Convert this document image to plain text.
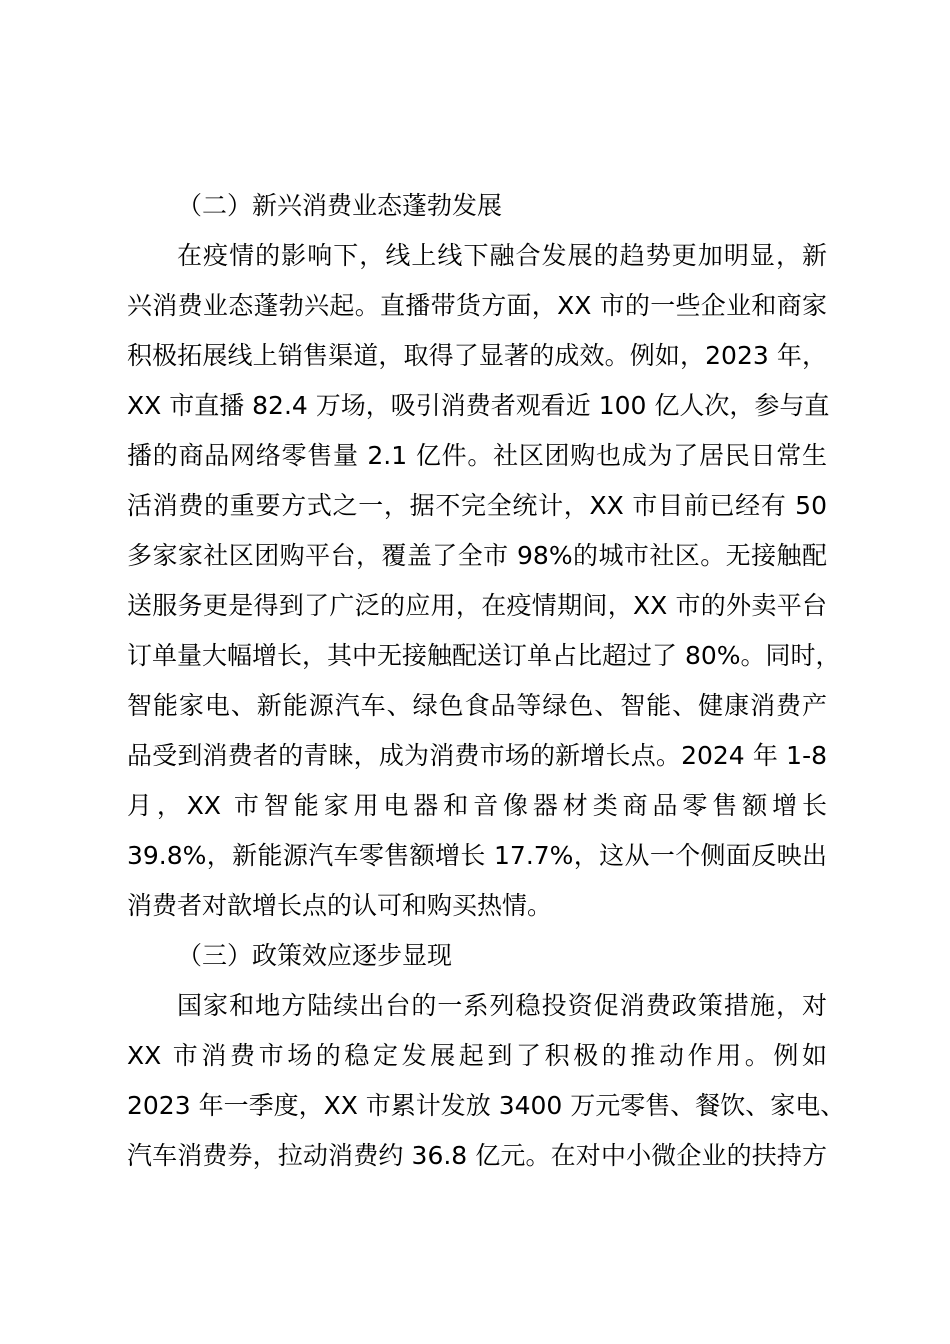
（二）新兴消费业态蓬勃发展
在疫情的影响下，线上线下融合发展的趋势更加明显，新
兴消费业态蓬勃兴起。直播带货方面，XX 市的一些企业和商家
积极拓展线上销售渠道，取得了显著的成效。例如，2023 年，
XX 市直播 82.4 万场，吸引消费者观看近 100 亿人次，参与直
播的商品网络零售量 2.1 亿件。社区团购也成为了居民日常生
活消费的重要方式之一，据不完全统计，XX 市目前已经有 50
多家家社区团购平台，覆盖了全市 98%的城市社区。无接触配
送服务更是得到了广泛的应用，在疫情期间，XX 市的外卖平台
订单量大幅增长，其中无接触配送订单占比超过了 80%。同时，
智能家电、新能源汽车、绿色食品等绿色、智能、健康消费产
品受到消费者的青睐，成为消费市场的新增长点。2024 年 1-8
月，XX 市智能家用电器和音像器材类商品零售额增长
39.8%，新能源汽车零售额增长 17.7%，这从一个侧面反映出
消费者对歆增长点的认可和购买热情。
（三）政策效应逐步显现
国家和地方陆续出台的一系列稳投资促消费政策措施，对
XX 市消费市场的稳定发展起到了积极的推动作用。例如
2023 年一季度，XX 市累计发放 3400 万元零售、餐饮、家电、
汽车消费券，拉动消费约 36.8 亿元。在对中小微企业的扶持方
